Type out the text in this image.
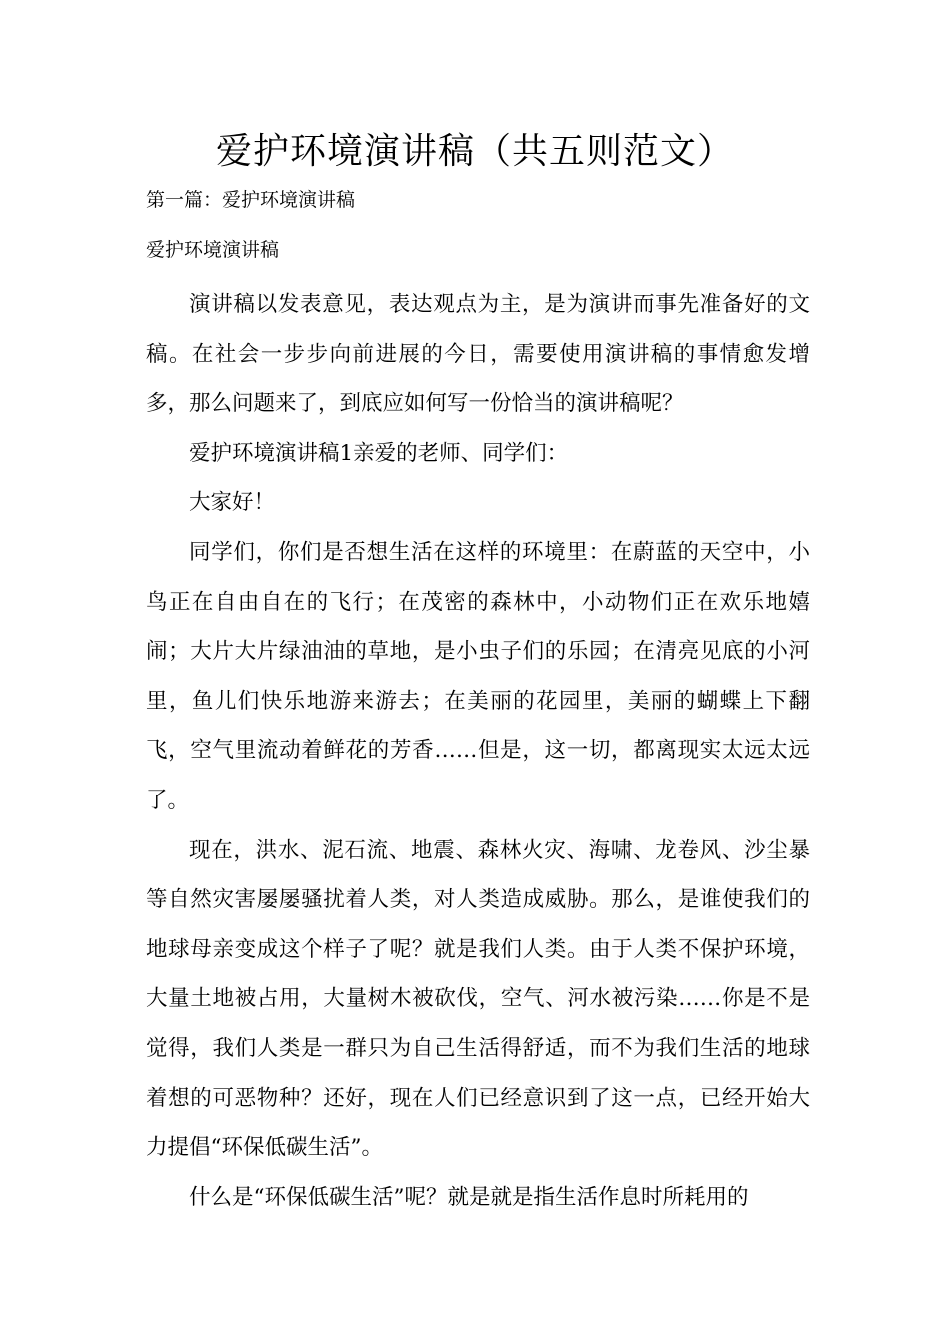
爱护环境演讲稿（共五则范文）

第一篇：爱护环境演讲稿

爱护环境演讲稿

演讲稿以发表意见，表达观点为主，是为演讲而事先准备好的文稿。在社会一步步向前进展的今日，需要使用演讲稿的事情愈发增多，那么问题来了，到底应如何写一份恰当的演讲稿呢？

爱护环境演讲稿1亲爱的老师、同学们：

大家好！

同学们，你们是否想生活在这样的环境里：在蔚蓝的天空中，小鸟正在自由自在的飞行；在茂密的森林中，小动物们正在欢乐地嬉闹；大片大片绿油油的草地，是小虫子们的乐园；在清亮见底的小河里，鱼儿们快乐地游来游去；在美丽的花园里，美丽的蝴蝶上下翻飞，空气里流动着鲜花的芳香……但是，这一切，都离现实太远太远了。

现在，洪水、泥石流、地震、森林火灾、海啸、龙卷风、沙尘暴等自然灾害屡屡骚扰着人类，对人类造成威胁。那么，是谁使我们的地球母亲变成这个样子了呢？就是我们人类。由于人类不保护环境，大量土地被占用，大量树木被砍伐，空气、河水被污染……你是不是觉得，我们人类是一群只为自己生活得舒适，而不为我们生活的地球着想的可恶物种？还好，现在人们已经意识到了这一点，已经开始大力提倡“环保低碳生活”。

什么是“环保低碳生活”呢？就是就是指生活作息时所耗用的
